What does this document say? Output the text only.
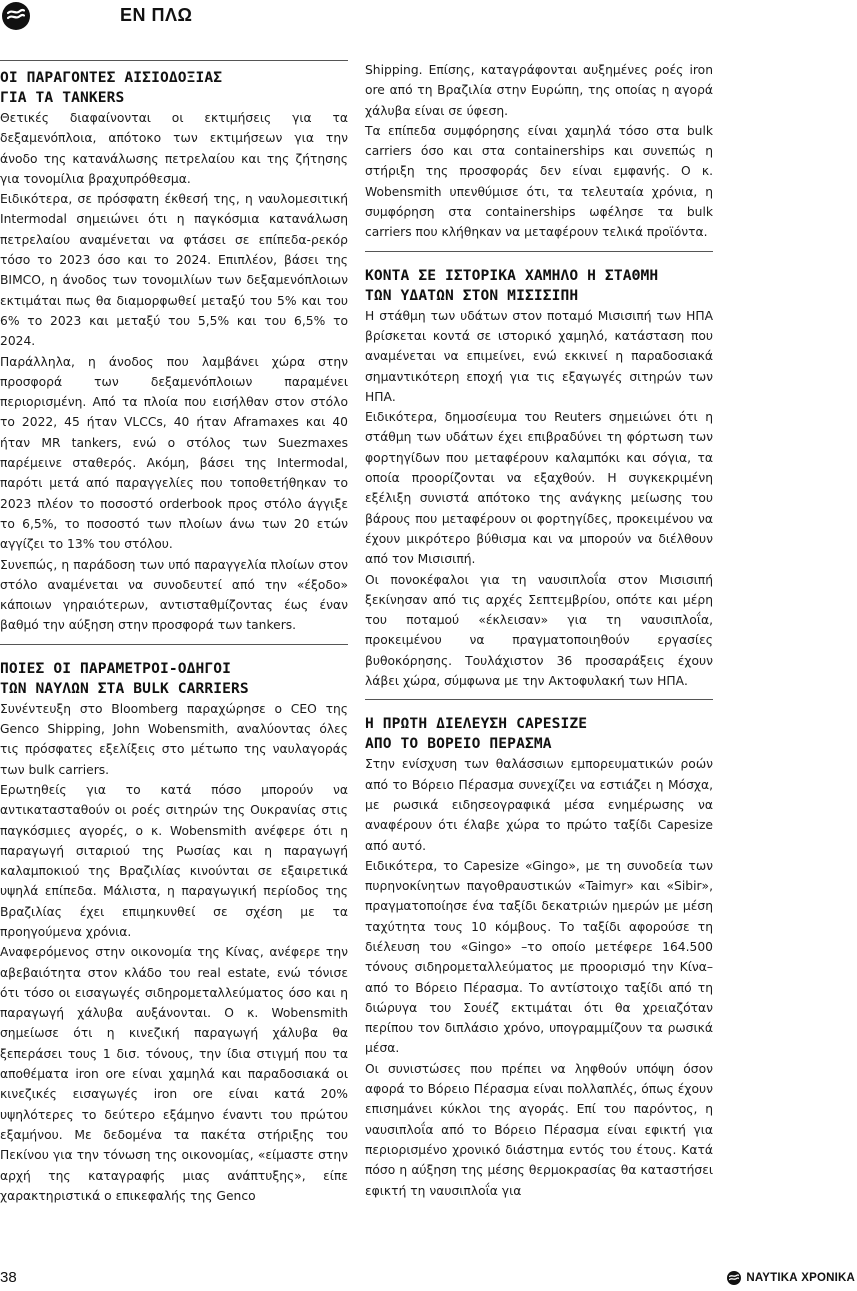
ΕΝ ΠΛΩ
ΟΙ ΠΑΡΑΓΟΝΤΕΣ ΑΙΣΙΟΔΟΞΙΑΣ
ΓΙΑ ΤΑ TANKERS

Θετικές διαφαίνονται οι εκτιμήσεις για τα δεξαμενόπλοια, απότοκο των εκτιμήσεων για την άνοδο της κατανάλωσης πετρελαίου και της ζήτησης για τονομίλια βραχυπρόθεσμα.

Ειδικότερα, σε πρόσφατη έκθεσή της, η ναυλομεσιτική Intermodal σημειώνει ότι η παγκόσμια κατανάλωση πετρελαίου αναμένεται να φτάσει σε επίπεδα-ρεκόρ τόσο το 2023 όσο και το 2024. Επιπλέον, βάσει της BIMCO, η άνοδος των τονομιλίων των δεξαμενόπλοιων εκτιμάται πως θα διαμορφωθεί μεταξύ του 5% και του 6% το 2023 και μεταξύ του 5,5% και του 6,5% το 2024.

Παράλληλα, η άνοδος που λαμβάνει χώρα στην προσφορά των δεξαμενόπλοιων παραμένει περιορισμένη. Από τα πλοία που εισήλθαν στον στόλο το 2022, 45 ήταν VLCCs, 40 ήταν Aframaxes και 40 ήταν MR tankers, ενώ ο στόλος των Suezmaxes παρέμεινε σταθερός. Ακόμη, βάσει της Intermodal, παρότι μετά από παραγγελίες που τοποθετήθηκαν το 2023 πλέον το ποσοστό orderbook προς στόλο άγγιξε το 6,5%, το ποσοστό των πλοίων άνω των 20 ετών αγγίζει το 13% του στόλου.

Συνεπώς, η παράδοση των υπό παραγγελία πλοίων στον στόλο αναμένεται να συνοδευτεί από την «έξοδο» κάποιων γηραιότερων, αντισταθμίζοντας έως έναν βαθμό την αύξηση στην προσφορά των tankers.

ΠΟΙΕΣ ΟΙ ΠΑΡΑΜΕΤΡΟΙ-ΟΔΗΓΟΙ
ΤΩΝ ΝΑΥΛΩΝ ΣΤΑ BULK CARRIERS

Συνέντευξη στο Bloomberg παραχώρησε ο CEO της Genco Shipping, John Wobensmith, αναλύοντας όλες τις πρόσφατες εξελίξεις στο μέτωπο της ναυλαγοράς των bulk carriers.

Ερωτηθείς για το κατά πόσο μπορούν να αντικατασταθούν οι ροές σιτηρών της Ουκρανίας στις παγκόσμιες αγορές, ο κ. Wobensmith ανέφερε ότι η παραγωγή σιταριού της Ρωσίας και η παραγωγή καλαμποκιού της Βραζιλίας κινούνται σε εξαιρετικά υψηλά επίπεδα. Μάλιστα, η παραγωγική περίοδος της Βραζιλίας έχει επιμηκυνθεί σε σχέση με τα προηγούμενα χρόνια.

Αναφερόμενος στην οικονομία της Κίνας, ανέφερε την αβεβαιότητα στον κλάδο του real estate, ενώ τόνισε ότι τόσο οι εισαγωγές σιδηρομεταλλεύματος όσο και η παραγωγή χάλυβα αυξάνονται. Ο κ. Wobensmith σημείωσε ότι η κινεζική παραγωγή χάλυβα θα ξεπεράσει τους 1 δισ. τόνους, την ίδια στιγμή που τα αποθέματα iron ore είναι χαμηλά και παραδοσιακά οι κινεζικές εισαγωγές iron ore είναι κατά 20% υψηλότερες το δεύτερο εξάμηνο έναντι του πρώτου εξαμήνου. Με δεδομένα τα πακέτα στήριξης του Πεκίνου για την τόνωση της οικονομίας, «είμαστε στην αρχή της καταγραφής μιας ανάπτυξης», είπε χαρακτηριστικά ο επικεφαλής της Genco

Shipping. Επίσης, καταγράφονται αυξημένες ροές iron ore από τη Βραζιλία στην Ευρώπη, της οποίας η αγορά χάλυβα είναι σε ύφεση.

Τα επίπεδα συμφόρησης είναι χαμηλά τόσο στα bulk carriers όσο και στα containerships και συνεπώς η στήριξη της προσφοράς δεν είναι εμφανής. Ο κ. Wobensmith υπενθύμισε ότι, τα τελευταία χρόνια, η συμφόρηση στα containerships ωφέλησε τα bulk carriers που κλήθηκαν να μεταφέρουν τελικά προϊόντα.

ΚΟΝΤΑ ΣΕ ΙΣΤΟΡΙΚΑ ΧΑΜΗΛΟ Η ΣΤΑΘΜΗ
ΤΩΝ ΥΔΑΤΩΝ ΣΤΟΝ ΜΙΣΙΣΙΠΗ

Η στάθμη των υδάτων στον ποταμό Μισισιπή των ΗΠΑ βρίσκεται κοντά σε ιστορικό χαμηλό, κατάσταση που αναμένεται να επιμείνει, ενώ εκκινεί η παραδοσιακά σημαντικότερη εποχή για τις εξαγωγές σιτηρών των ΗΠΑ.

Ειδικότερα, δημοσίευμα του Reuters σημειώνει ότι η στάθμη των υδάτων έχει επιβραδύνει τη φόρτωση των φορτηγίδων που μεταφέρουν καλαμπόκι και σόγια, τα οποία προορίζονται να εξαχθούν. Η συγκεκριμένη εξέλιξη συνιστά απότοκο της ανάγκης μείωσης του βάρους που μεταφέρουν οι φορτηγίδες, προκειμένου να έχουν μικρότερο βύθισμα και να μπορούν να διέλθουν από τον Μισισιπή.

Οι πονοκέφαλοι για τη ναυσιπλοΐα στον Μισισιπή ξεκίνησαν από τις αρχές Σεπτεμβρίου, οπότε και μέρη του ποταμού «έκλεισαν» για τη ναυσιπλοΐα, προκειμένου να πραγματοποιηθούν εργασίες βυθοκόρησης. Τουλάχιστον 36 προσαράξεις έχουν λάβει χώρα, σύμφωνα με την Ακτοφυλακή των ΗΠΑ.

Η ΠΡΩΤΗ ΔΙΕΛΕΥΣΗ CAPESIZE
ΑΠΟ ΤΟ ΒΟΡΕΙΟ ΠΕΡΑΣΜΑ

Στην ενίσχυση των θαλάσσιων εμπορευματικών ροών από το Βόρειο Πέρασμα συνεχίζει να εστιάζει η Μόσχα, με ρωσικά ειδησεογραφικά μέσα ενημέρωσης να αναφέρουν ότι έλαβε χώρα το πρώτο ταξίδι Capesize από αυτό.

Ειδικότερα, το Capesize «Gingo», με τη συνοδεία των πυρηνοκίνητων παγοθραυστικών «Taimyr» και «Sibir», πραγματοποίησε ένα ταξίδι δεκατριών ημερών με μέση ταχύτητα τους 10 κόμβους. Το ταξίδι αφορούσε τη διέλευση του «Gingo» –το οποίο μετέφερε 164.500 τόνους σιδηρομεταλλεύματος με προορισμό την Κίνα– από το Βόρειο Πέρασμα. Το αντίστοιχο ταξίδι από τη διώρυγα του Σουέζ εκτιμάται ότι θα χρειαζόταν περίπου τον διπλάσιο χρόνο, υπογραμμίζουν τα ρωσικά μέσα.

Οι συνιστώσες που πρέπει να ληφθούν υπόψη όσον αφορά το Βόρειο Πέρασμα είναι πολλαπλές, όπως έχουν επισημάνει κύκλοι της αγοράς. Επί του παρόντος, η ναυσιπλοΐα από το Βόρειο Πέρασμα είναι εφικτή για περιορισμένο χρονικό διάστημα εντός του έτους. Κατά πόσο η αύξηση της μέσης θερμοκρασίας θα καταστήσει εφικτή τη ναυσιπλοΐα για

38	ΝΑΥΤΙΚΑ ΧΡΟΝΙΚΑ
